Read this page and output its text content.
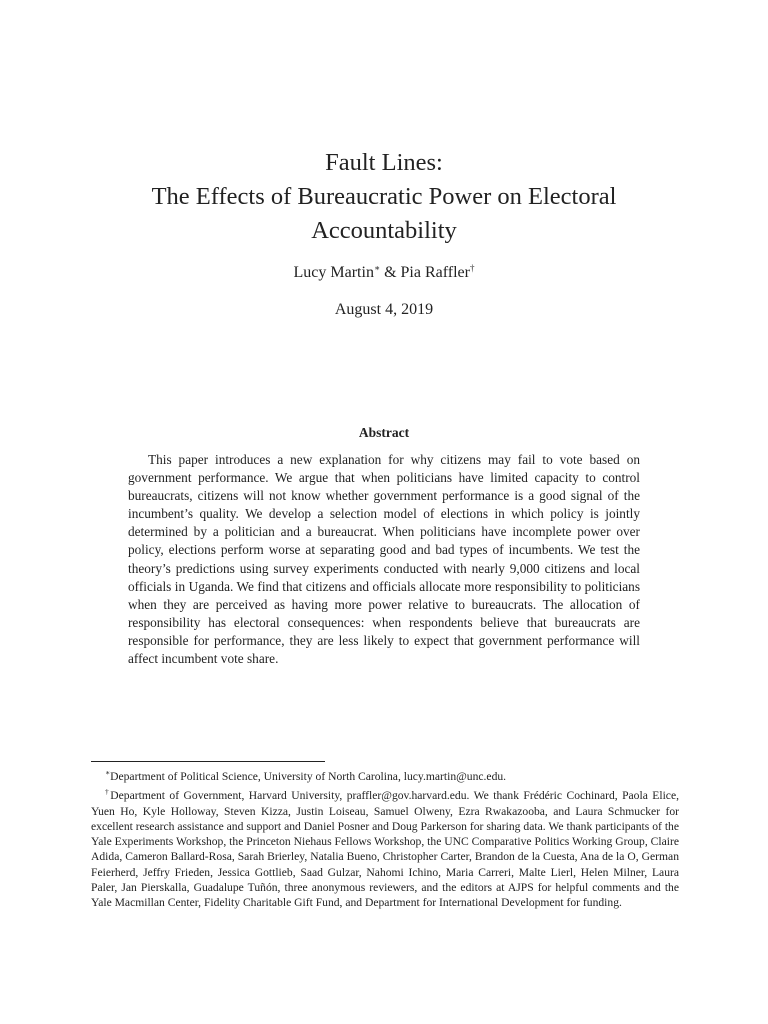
Fault Lines:
The Effects of Bureaucratic Power on Electoral
Accountability
Lucy Martin∗ & Pia Raffler†
August 4, 2019
Abstract

This paper introduces a new explanation for why citizens may fail to vote based on government performance. We argue that when politicians have limited capacity to control bureaucrats, citizens will not know whether government performance is a good signal of the incumbent’s quality. We develop a selection model of elections in which policy is jointly determined by a politician and a bureaucrat. When politicians have incomplete power over policy, elections perform worse at separating good and bad types of incumbents. We test the theory’s predictions using survey experiments conducted with nearly 9,000 citizens and local officials in Uganda. We find that citizens and officials allocate more responsibility to politicians when they are perceived as having more power relative to bureaucrats. The allocation of responsibility has electoral consequences: when respondents believe that bureaucrats are responsible for performance, they are less likely to expect that government performance will affect incumbent vote share.

∗Department of Political Science, University of North Carolina, lucy.martin@unc.edu.

†Department of Government, Harvard University, praffler@gov.harvard.edu. We thank Frédéric Cochinard, Paola Elice, Yuen Ho, Kyle Holloway, Steven Kizza, Justin Loiseau, Samuel Olweny, Ezra Rwakazooba, and Laura Schmucker for excellent research assistance and support and Daniel Posner and Doug Parkerson for sharing data. We thank participants of the Yale Experiments Workshop, the Princeton Niehaus Fellows Workshop, the UNC Comparative Politics Working Group, Claire Adida, Cameron Ballard-Rosa, Sarah Brierley, Natalia Bueno, Christopher Carter, Brandon de la Cuesta, Ana de la O, German Feierherd, Jeffry Frieden, Jessica Gottlieb, Saad Gulzar, Nahomi Ichino, Maria Carreri, Malte Lierl, Helen Milner, Laura Paler, Jan Pierskalla, Guadalupe Tuñón, three anonymous reviewers, and the editors at AJPS for helpful comments and the Yale Macmillan Center, Fidelity Charitable Gift Fund, and Department for International Development for funding.
